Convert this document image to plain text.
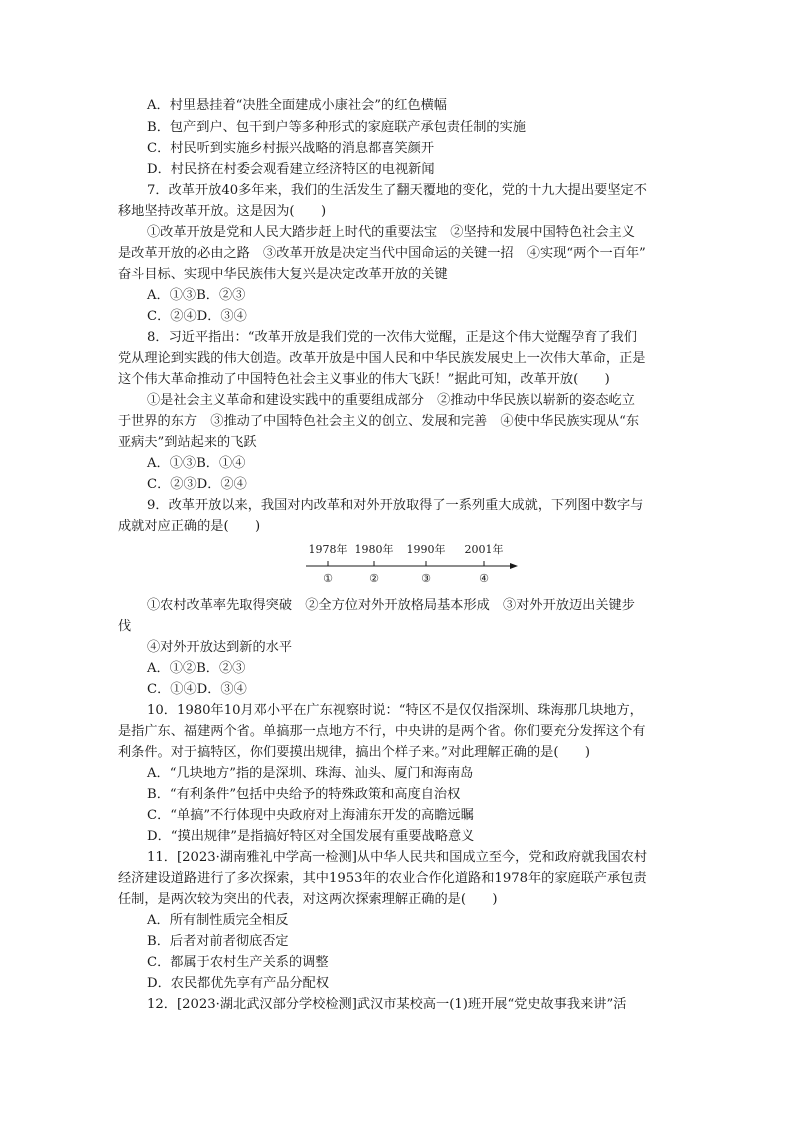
A．村里悬挂着“决胜全面建成小康社会”的红色横幅
B．包产到户、包干到户等多种形式的家庭联产承包责任制的实施
C．村民听到实施乡村振兴战略的消息都喜笑颜开
D．村民挤在村委会观看建立经济特区的电视新闻
7．改革开放40多年来，我们的生活发生了翻天覆地的变化，党的十九大提出要坚定不
移地坚持改革开放。这是因为(　　)
①改革开放是党和人民大踏步赶上时代的重要法宝　②坚持和发展中国特色社会主义
是改革开放的必由之路　③改革开放是决定当代中国命运的关键一招　④实现“两个一百年”
奋斗目标、实现中华民族伟大复兴是决定改革开放的关键
A．①③B．②③
C．②④D．③④
8．习近平指出：“改革开放是我们党的一次伟大觉醒，正是这个伟大觉醒孕育了我们
党从理论到实践的伟大创造。改革开放是中国人民和中华民族发展史上一次伟大革命，正是
这个伟大革命推动了中国特色社会主义事业的伟大飞跃！”据此可知，改革开放(　　)
①是社会主义革命和建设实践中的重要组成部分　②推动中华民族以崭新的姿态屹立
于世界的东方　③推动了中国特色社会主义的创立、发展和完善　④使中华民族实现从“东
亚病夫”到站起来的飞跃
A．①③B．①④
C．②③D．②④
9．改革开放以来，我国对内改革和对外开放取得了一系列重大成就，下列图中数字与
成就对应正确的是(　　)
1978年 1980年 1990年 2001年
①	②	③	④
①农村改革率先取得突破　②全方位对外开放格局基本形成　③对外开放迈出关键步
伐
④对外开放达到新的水平
A．①②B．②③
C．①④D．③④
10．1980年10月邓小平在广东视察时说：“特区不是仅仅指深圳、珠海那几块地方，
是指广东、福建两个省。单搞那一点地方不行，中央讲的是两个省。你们要充分发挥这个有
利条件。对于搞特区，你们要摸出规律，搞出个样子来。”对此理解正确的是(　　)
A．“几块地方”指的是深圳、珠海、汕头、厦门和海南岛
B．“有利条件”包括中央给予的特殊政策和高度自治权
C．“单搞”不行体现中央政府对上海浦东开发的高瞻远瞩
D．“摸出规律”是指搞好特区对全国发展有重要战略意义
11．[2023·湖南雅礼中学高一检测]从中华人民共和国成立至今，党和政府就我国农村
经济建设道路进行了多次探索，其中1953年的农业合作化道路和1978年的家庭联产承包责
任制，是两次较为突出的代表，对这两次探索理解正确的是(　　)
A．所有制性质完全相反
B．后者对前者彻底否定
C．都属于农村生产关系的调整
D．农民都优先享有产品分配权
12．[2023·湖北武汉部分学校检测]武汉市某校高一(1)班开展“党史故事我来讲”活
